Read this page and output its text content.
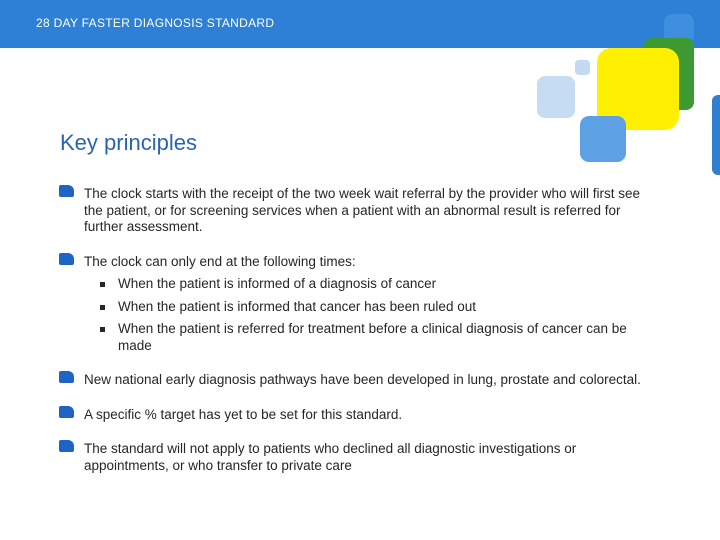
28 DAY FASTER DIAGNOSIS STANDARD
Key principles
The clock starts with the receipt of the two week wait referral by the provider who will first see the patient, or for screening services when a patient with an abnormal result is referred for further assessment.
The clock can only end at the following times:
When the patient is informed of a diagnosis of cancer
When the patient is informed that cancer has been ruled out
When the patient is referred for treatment before a clinical diagnosis of cancer can be made
New national early diagnosis pathways have been developed in lung, prostate and colorectal.
A specific % target has yet to be set for this standard.
The standard will not apply to patients who declined all diagnostic investigations or appointments, or who transfer to private care
